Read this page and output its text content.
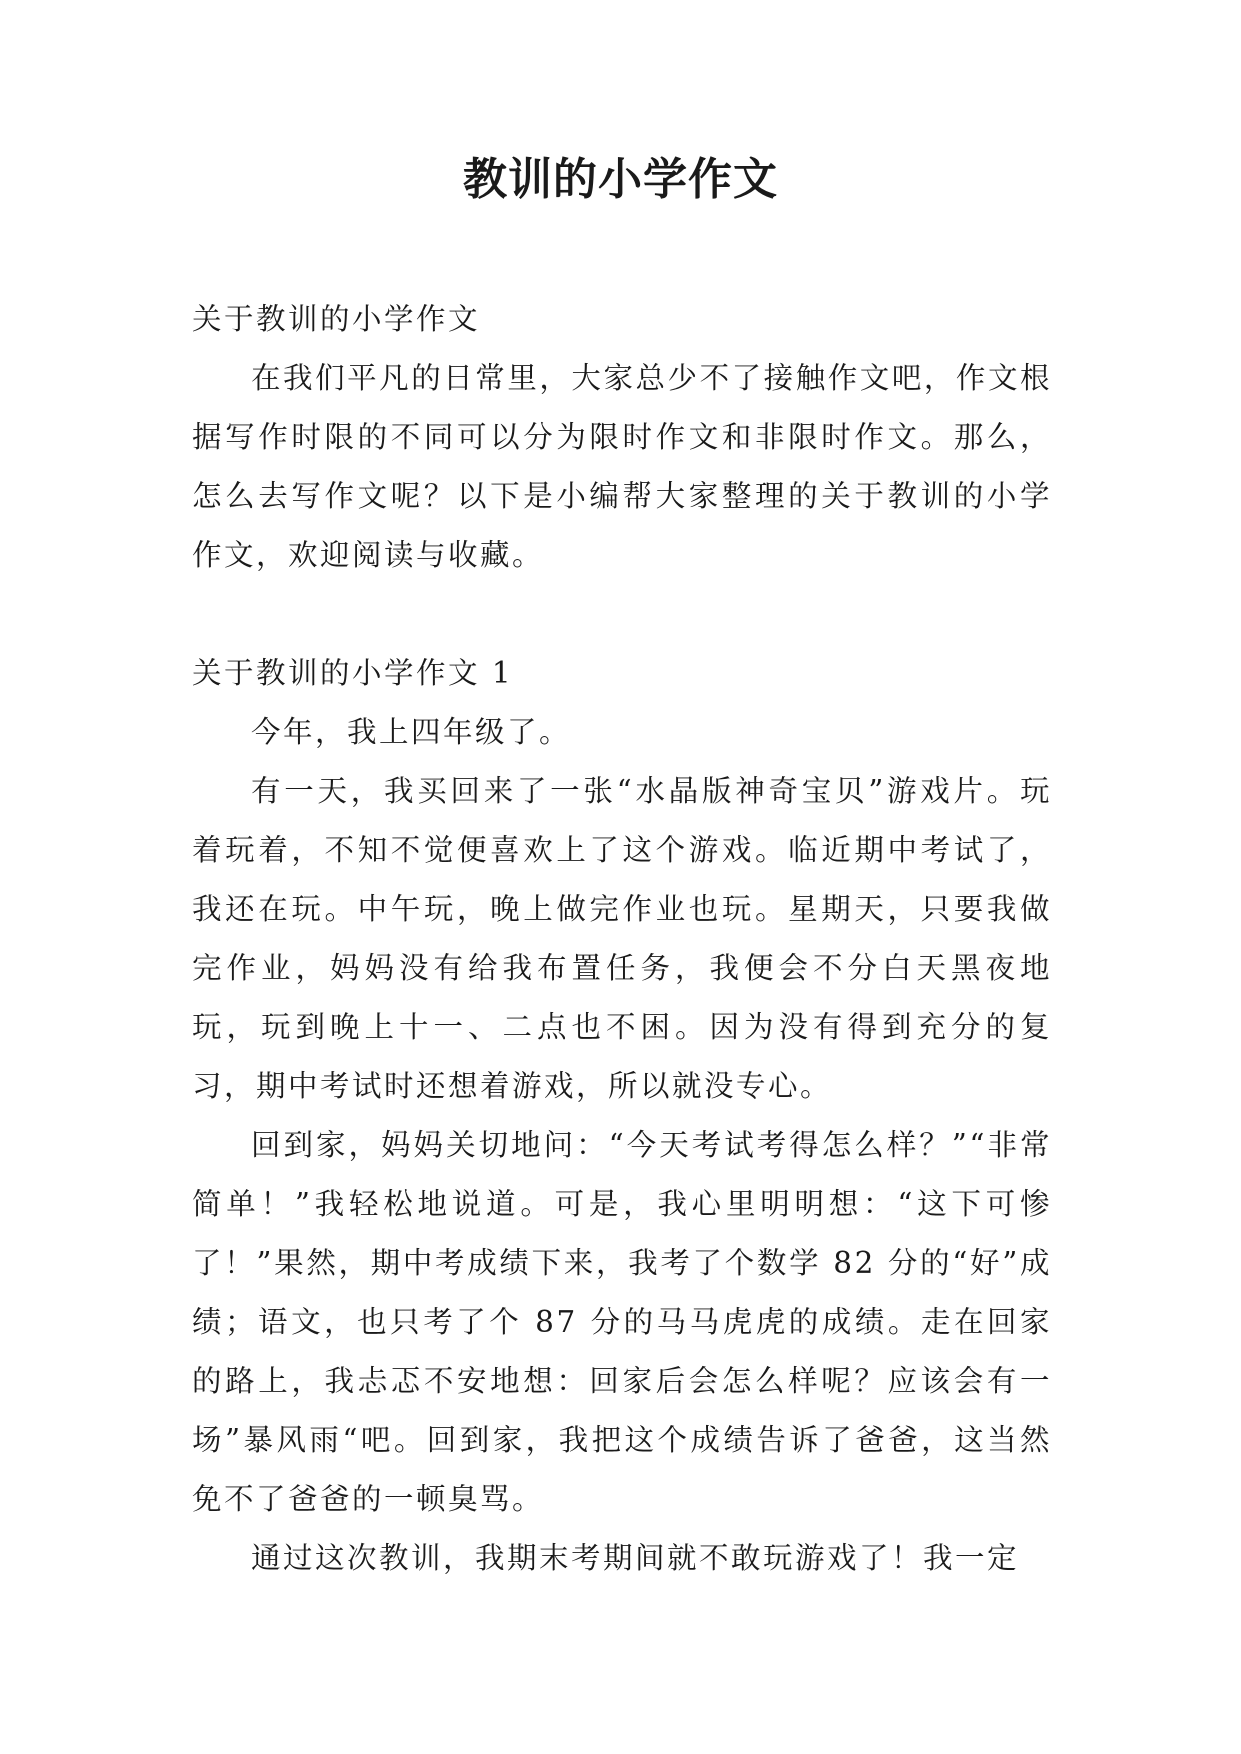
教训的小学作文

关于教训的小学作文

在我们平凡的日常里，大家总少不了接触作文吧，作文根据写作时限的不同可以分为限时作文和非限时作文。那么，怎么去写作文呢？以下是小编帮大家整理的关于教训的小学作文，欢迎阅读与收藏。

关于教训的小学作文 1

今年，我上四年级了。

有一天，我买回来了一张“水晶版神奇宝贝”游戏片。玩着玩着，不知不觉便喜欢上了这个游戏。临近期中考试了，我还在玩。中午玩，晚上做完作业也玩。星期天，只要我做完作业，妈妈没有给我布置任务，我便会不分白天黑夜地玩，玩到晚上十一、二点也不困。因为没有得到充分的复习，期中考试时还想着游戏，所以就没专心。

回到家，妈妈关切地问：“今天考试考得怎么样？”“非常简单！”我轻松地说道。可是，我心里明明想：“这下可惨了！”果然，期中考成绩下来，我考了个数学 82 分的“好”成绩；语文，也只考了个 87 分的马马虎虎的成绩。走在回家的路上，我忐忑不安地想：回家后会怎么样呢？应该会有一场”暴风雨“吧。回到家，我把这个成绩告诉了爸爸，这当然免不了爸爸的一顿臭骂。

通过这次教训，我期末考期间就不敢玩游戏了！我一定
